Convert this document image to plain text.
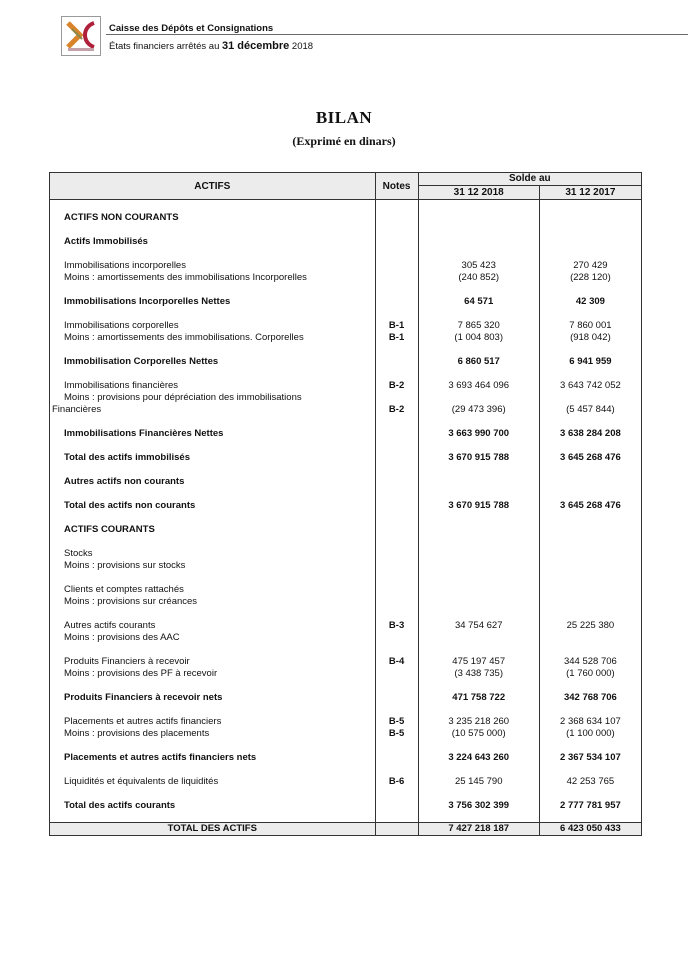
Caisse des Dépôts et Consignations
États financiers arrêtés au 31 décembre 2018
BILAN
(Exprimé en dinars)
ACTIFS	Notes	Solde au	
		31 12 2018	31 12 2017

ACTIFS NON COURANTS			

Actifs Immobilisés			

Immobilisations incorporelles		305 423	270 429
Moins : amortissements des immobilisations Incorporelles		(240 852)	(228 120)

Immobilisations Incorporelles Nettes		64 571	42 309

Immobilisations corporelles	B-1	7 865 320	7 860 001
Moins : amortissements des immobilisations. Corporelles	B-1	(1 004 803)	(918 042)

Immobilisation Corporelles Nettes		6 860 517	6 941 959

Immobilisations financières	B-2	3 693 464 096	3 643 742 052
Moins : provisions pour dépréciation des immobilisations			
Financières	B-2	(29 473 396)	(5 457 844)

Immobilisations Financières Nettes		3 663 990 700	3 638 284 208

Total des actifs immobilisés		3 670 915 788	3 645 268 476

Autres actifs non courants			

Total des actifs non courants		3 670 915 788	3 645 268 476

ACTIFS COURANTS			

Stocks			
Moins : provisions sur stocks			

Clients et comptes rattachés			
Moins : provisions sur créances			

Autres actifs courants	B-3	34 754 627	25 225 380
Moins : provisions des AAC			

Produits Financiers à recevoir	B-4	475 197 457	344 528 706
Moins : provisions des PF à recevoir		(3 438 735)	(1 760 000)

Produits Financiers à recevoir nets		471 758 722	342 768 706

Placements et autres actifs financiers	B-5	3 235 218 260	2 368 634 107
Moins : provisions des placements	B-5	(10 575 000)	(1 100 000)

Placements et autres actifs financiers nets		3 224 643 260	2 367 534 107

Liquidités et équivalents de liquidités	B-6	25 145 790	42 253 765

Total des actifs courants		3 756 302 399	2 777 781 957

TOTAL DES ACTIFS		7 427 218 187	6 423 050 433
